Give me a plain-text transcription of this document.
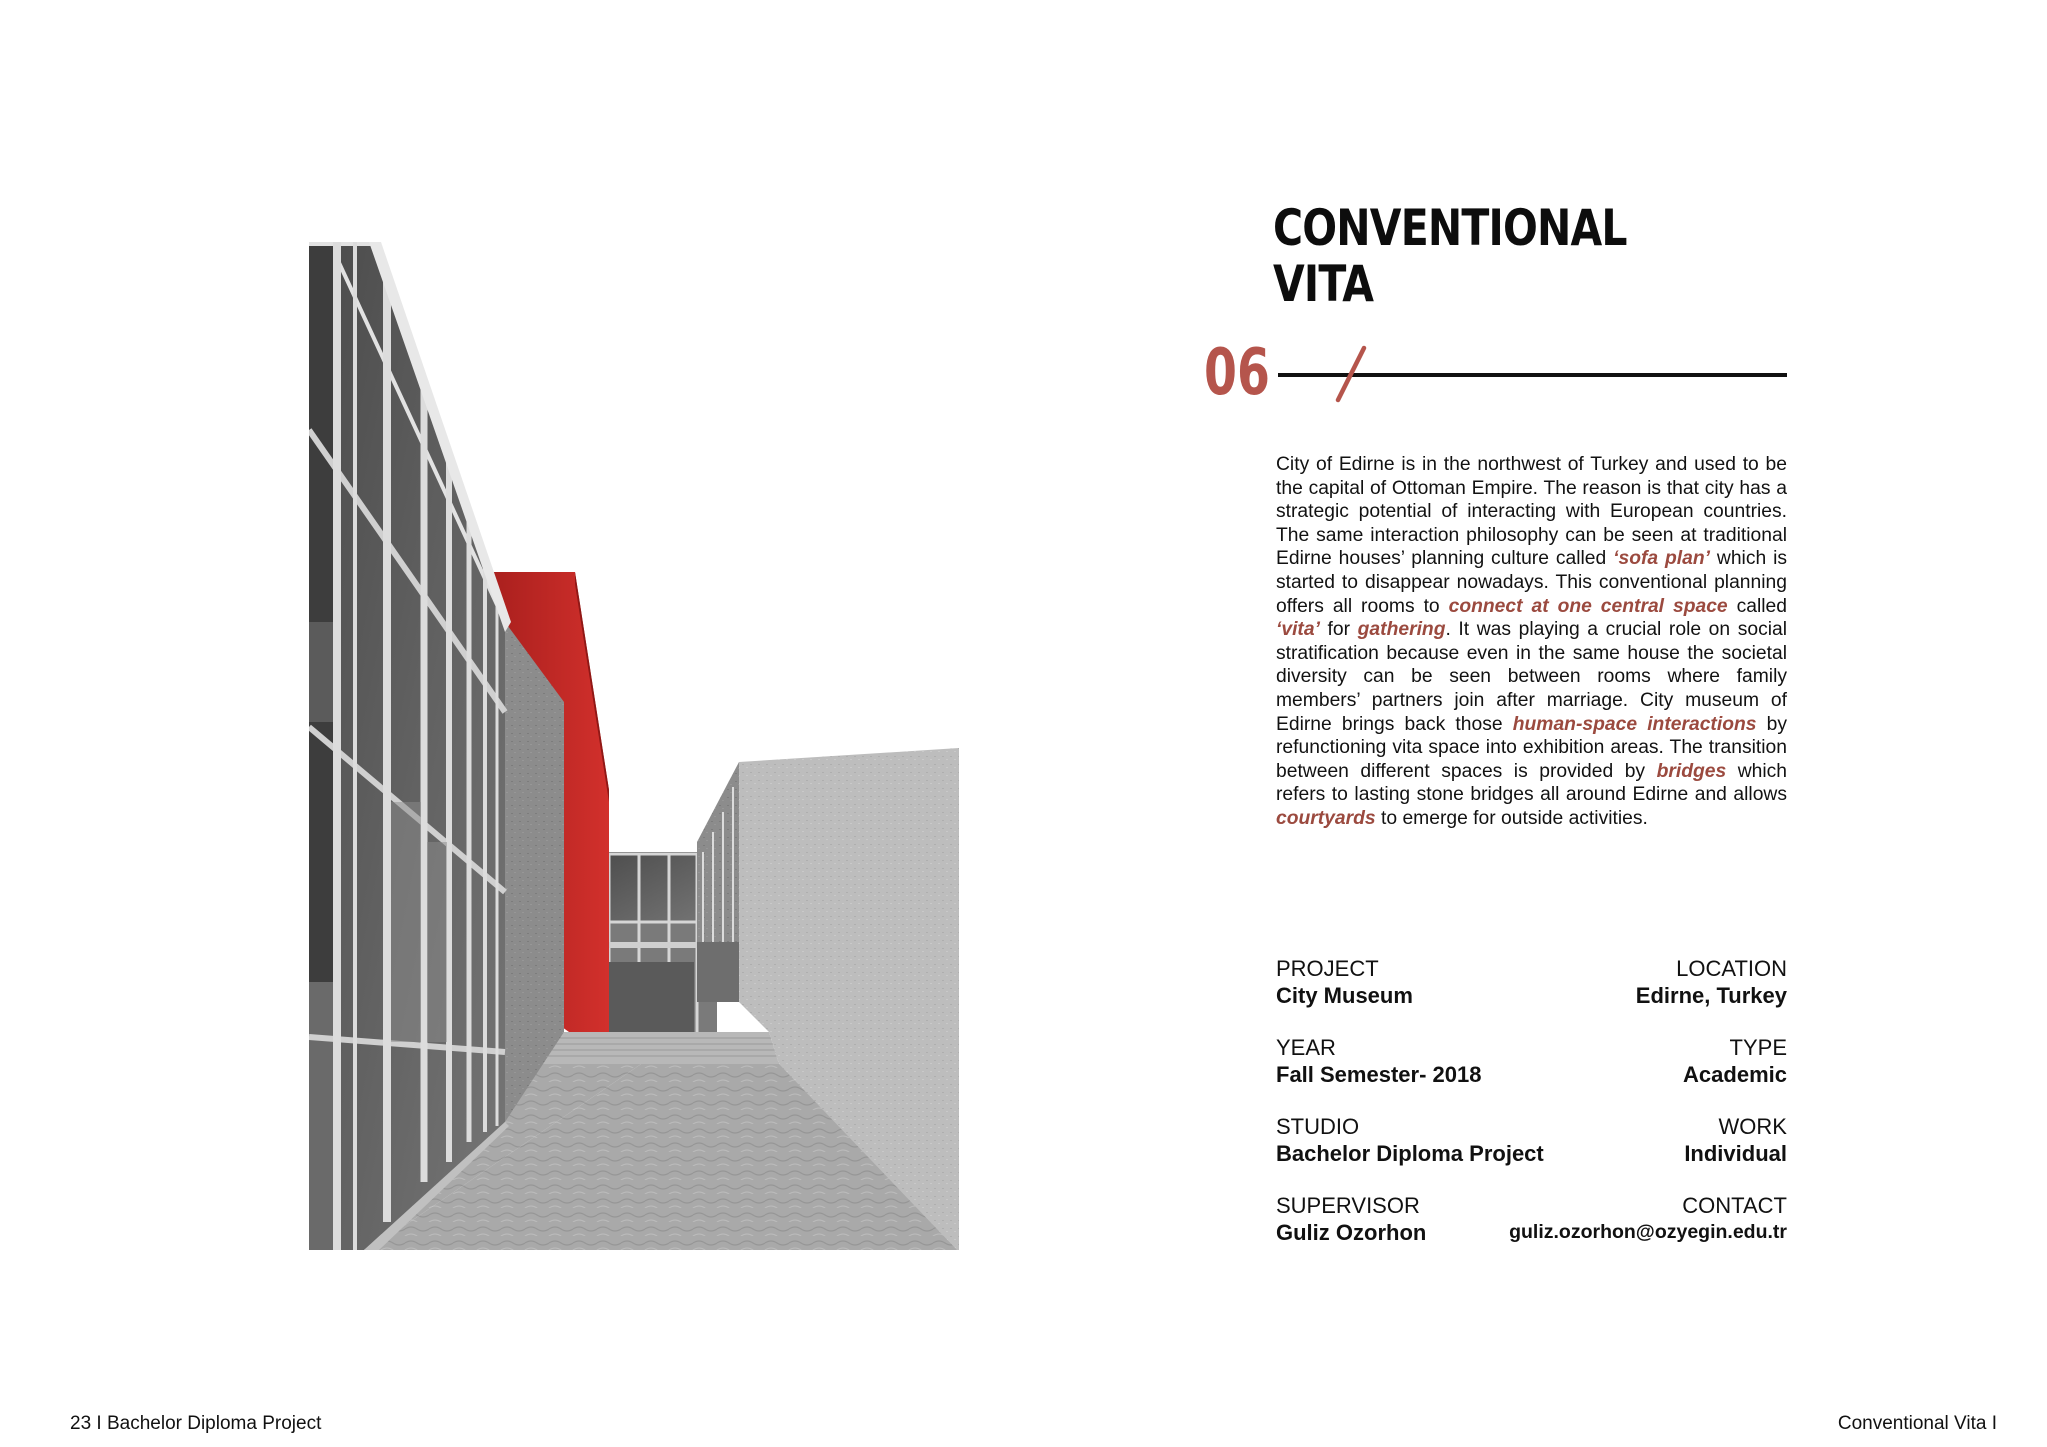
CONVENTIONAL
VITA
06

City of Edirne is in the northwest of Turkey and used to be the capital of Ottoman Empire. The reason is that city has a strategic potential of interacting with European countries. The same interaction philosophy can be seen at traditional Edirne houses’ planning culture called ‘sofa plan’ which is started to disappear nowadays. This conventional planning offers all rooms to connect at one central space called ‘vita’ for gathering. It was playing a crucial role on social stratification because even in the same house the societal diversity can be seen between rooms where family members’ partners join after marriage. City museum of Edirne brings back those human-space interactions by refunctioning vita space into exhibition areas. The transition between different spaces is provided by bridges which refers to lasting stone bridges all around Edirne and allows courtyards to emerge for outside activities.

PROJECT
City Museum
LOCATION
Edirne, Turkey
YEAR
Fall Semester- 2018
TYPE
Academic
STUDIO
Bachelor Diploma Project
WORK
Individual
SUPERVISOR
Guliz Ozorhon
CONTACT
guliz.ozorhon@ozyegin.edu.tr
23 I Bachelor Diploma Project	Conventional Vita I
